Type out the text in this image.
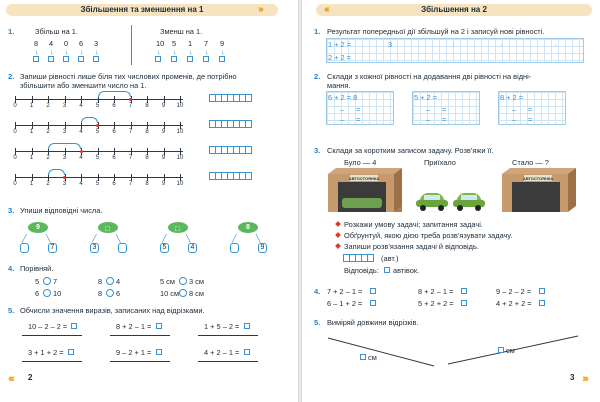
Збільшення та зменшення на 1	›››
1.	Збільш на 1.	Зменш на 1.
8
↓
4
↓
0
↓
6
↓
3
↓
10
↓
5
↓
1
↓
7
↓
9
↓
2. Запиши рівності лише біля тих числових променів, де потрібно
збільшити або зменшити число на 1.
0	1	2	3	4	5	6	7	8	9	10
0	1	2	3	4	5	6	7	8	9	10
0	1	2	3	4	5	6	7	8	9	10
0	1	2	3	4	5	6	7	8	9	10
3. Упиши відповідні числа.
9
╱	╲
7
╱	╲
3
□
╱	╲
5	4
□	8
╱	╲
9
4. Порівняй.
5 7	8 4	5 см 3 см
6 10	8 6	10 см 8 см
5. Обчисли значення виразів, записаних над відрізками.
10 – 2 – 2 =	8 + 2 – 1 =	1 + 5 – 2 =
3 + 1 + 2 =	9 – 2 + 1 =	4 + 2 – 1 =
‹‹‹ 2
‹‹‹	Збільшення на 2
1. Результат попередньої дії збільшуй на 2 і записуй нові рівності.
1 + 2 =	3	·	·	·
2 + 2 =
2. Склади з кожної рівності на додавання дві рівності на відні-
мання.
6 + 2 = 8
– =
– =
5 + 2 =
– =
– =
8 + 2 =
– =
– =
3. Склади за коротким записом задачу. Розв’яжи її.
Було — 4	Приїхало	Стало — ?
АВТОСТОЯНКА	АВТОСТОЯНКА
Розкажи умову задачі; запитання задачі.
Обґрунтуй, якою дією треба розв’язувати задачу.
Запиши розв’язання задачі й відповідь.
(авт.)
Відповідь: автівок.
4. 7 + 2 – 1 =	8 + 2 – 1 =	9 – 2 – 2 =
6 – 1 + 2 =	5 + 2 + 2 =	4 + 2 + 2 =
5. Виміряй довжини відрізків.
см
см
3 ›››
